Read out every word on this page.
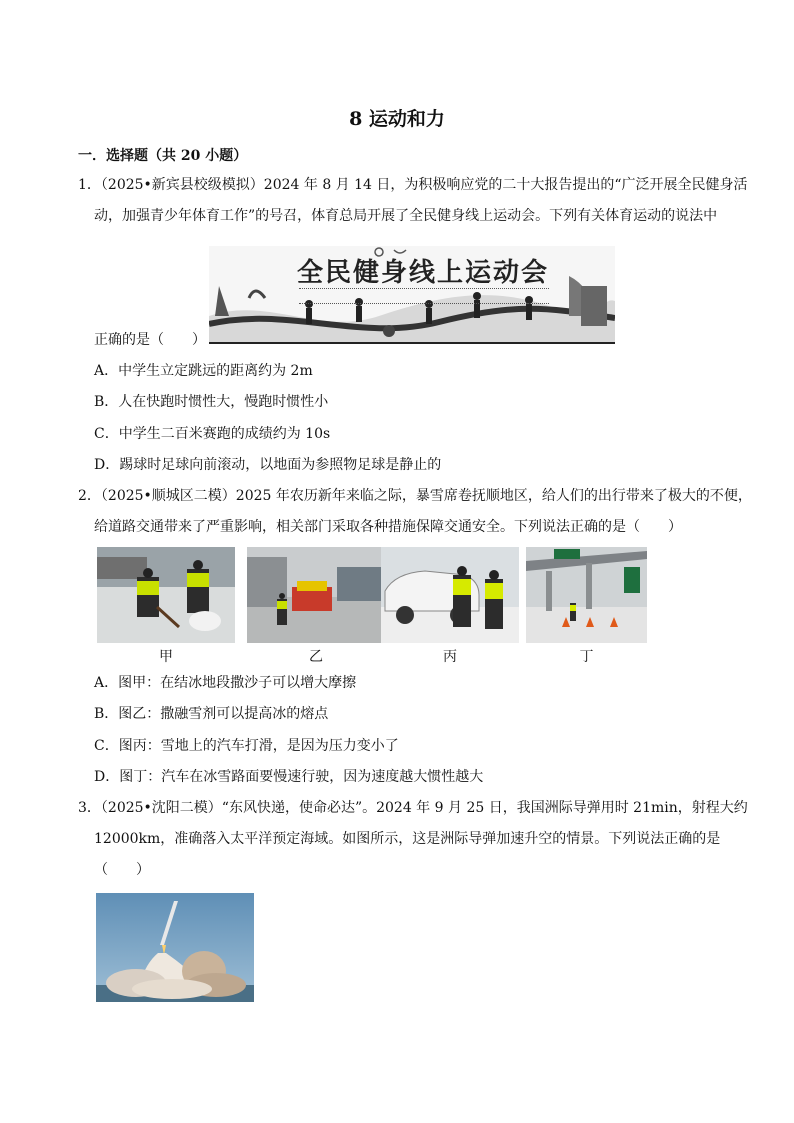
8 运动和力
一．选择题（共 20 小题）
1．（2025•新宾县校级模拟）2024 年 8 月 14 日，为积极响应党的二十大报告提出的“广泛开展全民健身活
动，加强青少年体育工作”的号召，体育总局开展了全民健身线上运动会。下列有关体育运动的说法中
全民健身线上运动会
正确的是（　　）
A．中学生立定跳远的距离约为 2m
B．人在快跑时惯性大，慢跑时惯性小
C．中学生二百米赛跑的成绩约为 10s
D．踢球时足球向前滚动，以地面为参照物足球是静止的
2．（2025•顺城区二模）2025 年农历新年来临之际，暴雪席卷抚顺地区，给人们的出行带来了极大的不便，
给道路交通带来了严重影响，相关部门采取各种措施保障交通安全。下列说法正确的是（　　）
甲	乙	丙	丁
A．图甲：在结冰地段撒沙子可以增大摩擦
B．图乙：撒融雪剂可以提高冰的熔点
C．图丙：雪地上的汽车打滑，是因为压力变小了
D．图丁：汽车在冰雪路面要慢速行驶，因为速度越大惯性越大
3．（2025•沈阳二模）“东风快递，使命必达”。2024 年 9 月 25 日，我国洲际导弹用时 21min，射程大约
12000km，准确落入太平洋预定海域。如图所示，这是洲际导弹加速升空的情景。下列说法正确的是
（　　）
